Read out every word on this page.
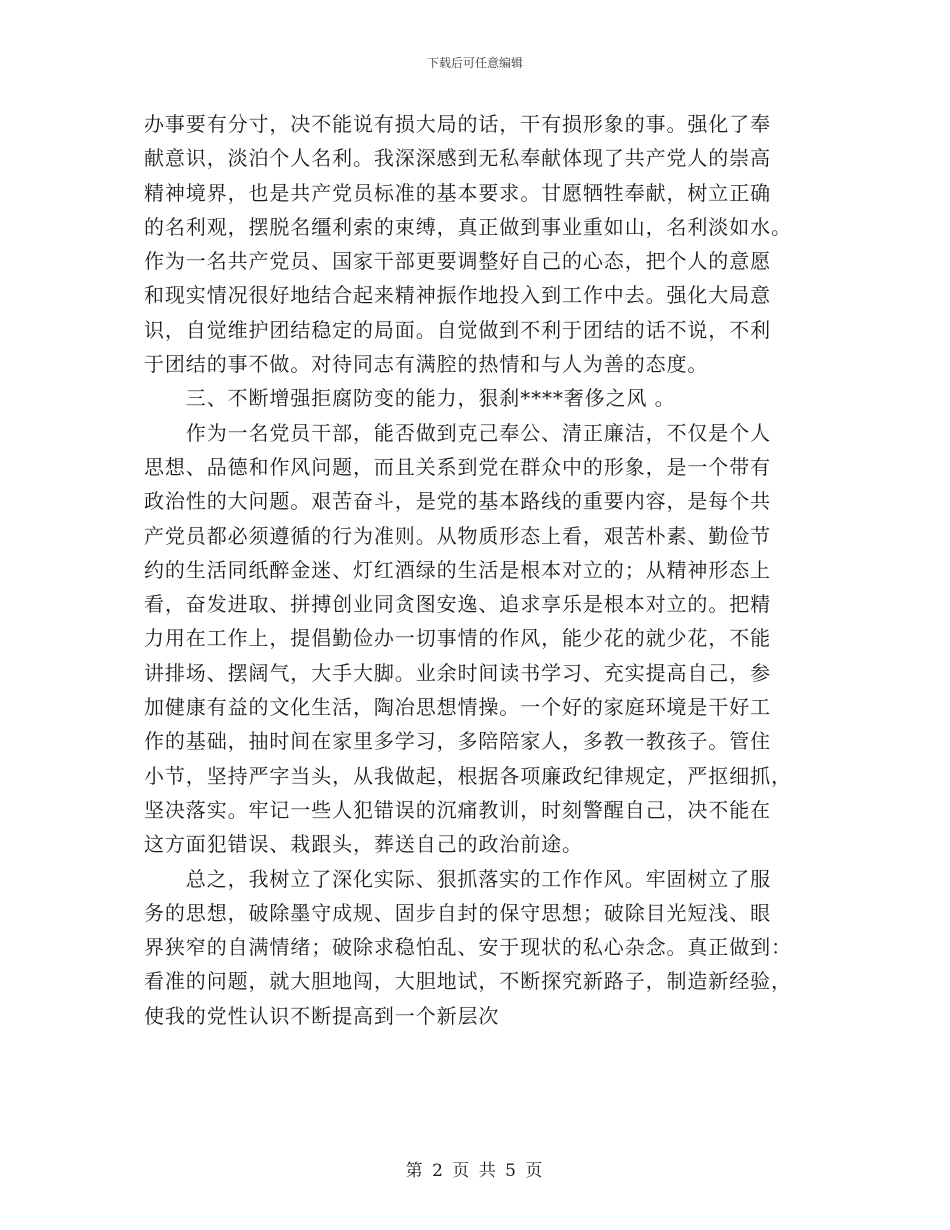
下载后可任意编辑
办事要有分寸，决不能说有损大局的话，干有损形象的事。强化了奉
献意识，淡泊个人名利。我深深感到无私奉献体现了共产党人的崇高
精神境界，也是共产党员标准的基本要求。甘愿牺牲奉献，树立正确
的名利观，摆脱名缰利索的束缚，真正做到事业重如山，名利淡如水。
作为一名共产党员、国家干部更要调整好自己的心态，把个人的意愿
和现实情况很好地结合起来精神振作地投入到工作中去。强化大局意
识，自觉维护团结稳定的局面。自觉做到不利于团结的话不说，不利
于团结的事不做。对待同志有满腔的热情和与人为善的态度。
　　三、不断增强拒腐防变的能力，狠刹****奢侈之风 。
　　作为一名党员干部，能否做到克己奉公、清正廉洁，不仅是个人
思想、品德和作风问题，而且关系到党在群众中的形象，是一个带有
政治性的大问题。艰苦奋斗，是党的基本路线的重要内容，是每个共
产党员都必须遵循的行为准则。从物质形态上看，艰苦朴素、勤俭节
约的生活同纸醉金迷、灯红酒绿的生活是根本对立的；从精神形态上
看，奋发进取、拼搏创业同贪图安逸、追求享乐是根本对立的。把精
力用在工作上，提倡勤俭办一切事情的作风，能少花的就少花，不能
讲排场、摆阔气，大手大脚。业余时间读书学习、充实提高自己，参
加健康有益的文化生活，陶冶思想情操。一个好的家庭环境是干好工
作的基础，抽时间在家里多学习，多陪陪家人，多教一教孩子。管住
小节，坚持严字当头，从我做起，根据各项廉政纪律规定，严抠细抓，
坚决落实。牢记一些人犯错误的沉痛教训，时刻警醒自己，决不能在
这方面犯错误、栽跟头，葬送自己的政治前途。
　　总之，我树立了深化实际、狠抓落实的工作作风。牢固树立了服
务的思想，破除墨守成规、固步自封的保守思想；破除目光短浅、眼
界狭窄的自满情绪；破除求稳怕乱、安于现状的私心杂念。真正做到：
看准的问题，就大胆地闯，大胆地试，不断探究新路子，制造新经验，
使我的党性认识不断提高到一个新层次
第 2 页 共 5 页
